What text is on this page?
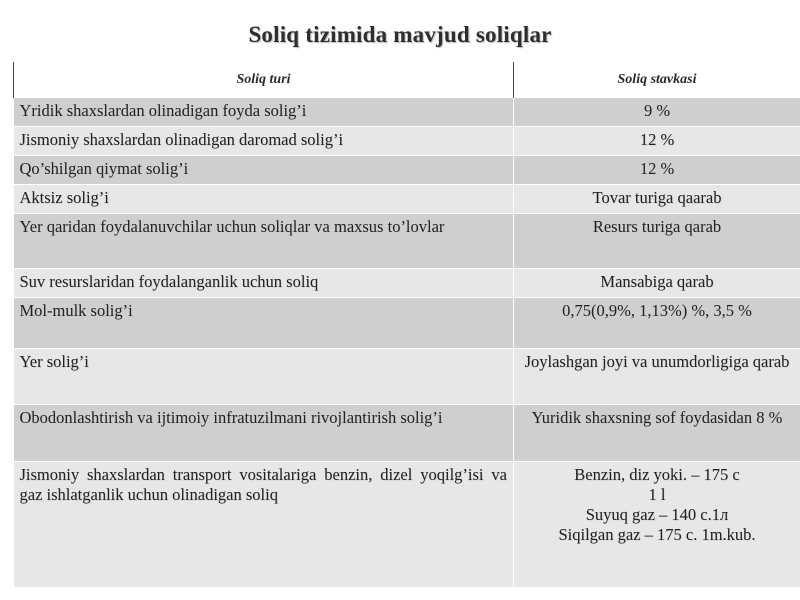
Soliq tizimida mavjud soliqlar
Soliq turi	Soliq stavkasi
Yridik shaxslardan olinadigan foyda solig’i	9 %
Jismoniy shaxslardan olinadigan daromad solig’i	12 %
Qo’shilgan qiymat solig’i	12 %
Aktsiz solig’i	Tovar turiga qaarab
Yer qaridan foydalanuvchilar uchun soliqlar va maxsus to’lovlar	Resurs turiga qarab
Suv resurslaridan foydalanganlik uchun soliq	Mansabiga qarab
Mol-mulk solig’i	0,75(0,9%, 1,13%) %, 3,5 %
Yer solig’i	Joylashgan joyi va unumdorligiga qarab
Obodonlashtirish va ijtimoiy infratuzilmani rivojlantirish solig’i	Yuridik shaxsning sof foydasidan 8 %
Jismoniy shaxslardan transport vositalariga benzin, dizel yoqilg’isi va gaz ishlatganlik uchun olinadigan soliq	Benzin, diz yoki. – 175 c
1 l
Suyuq gaz – 140 c.1л
Siqilgan gaz – 175 c. 1m.kub.
